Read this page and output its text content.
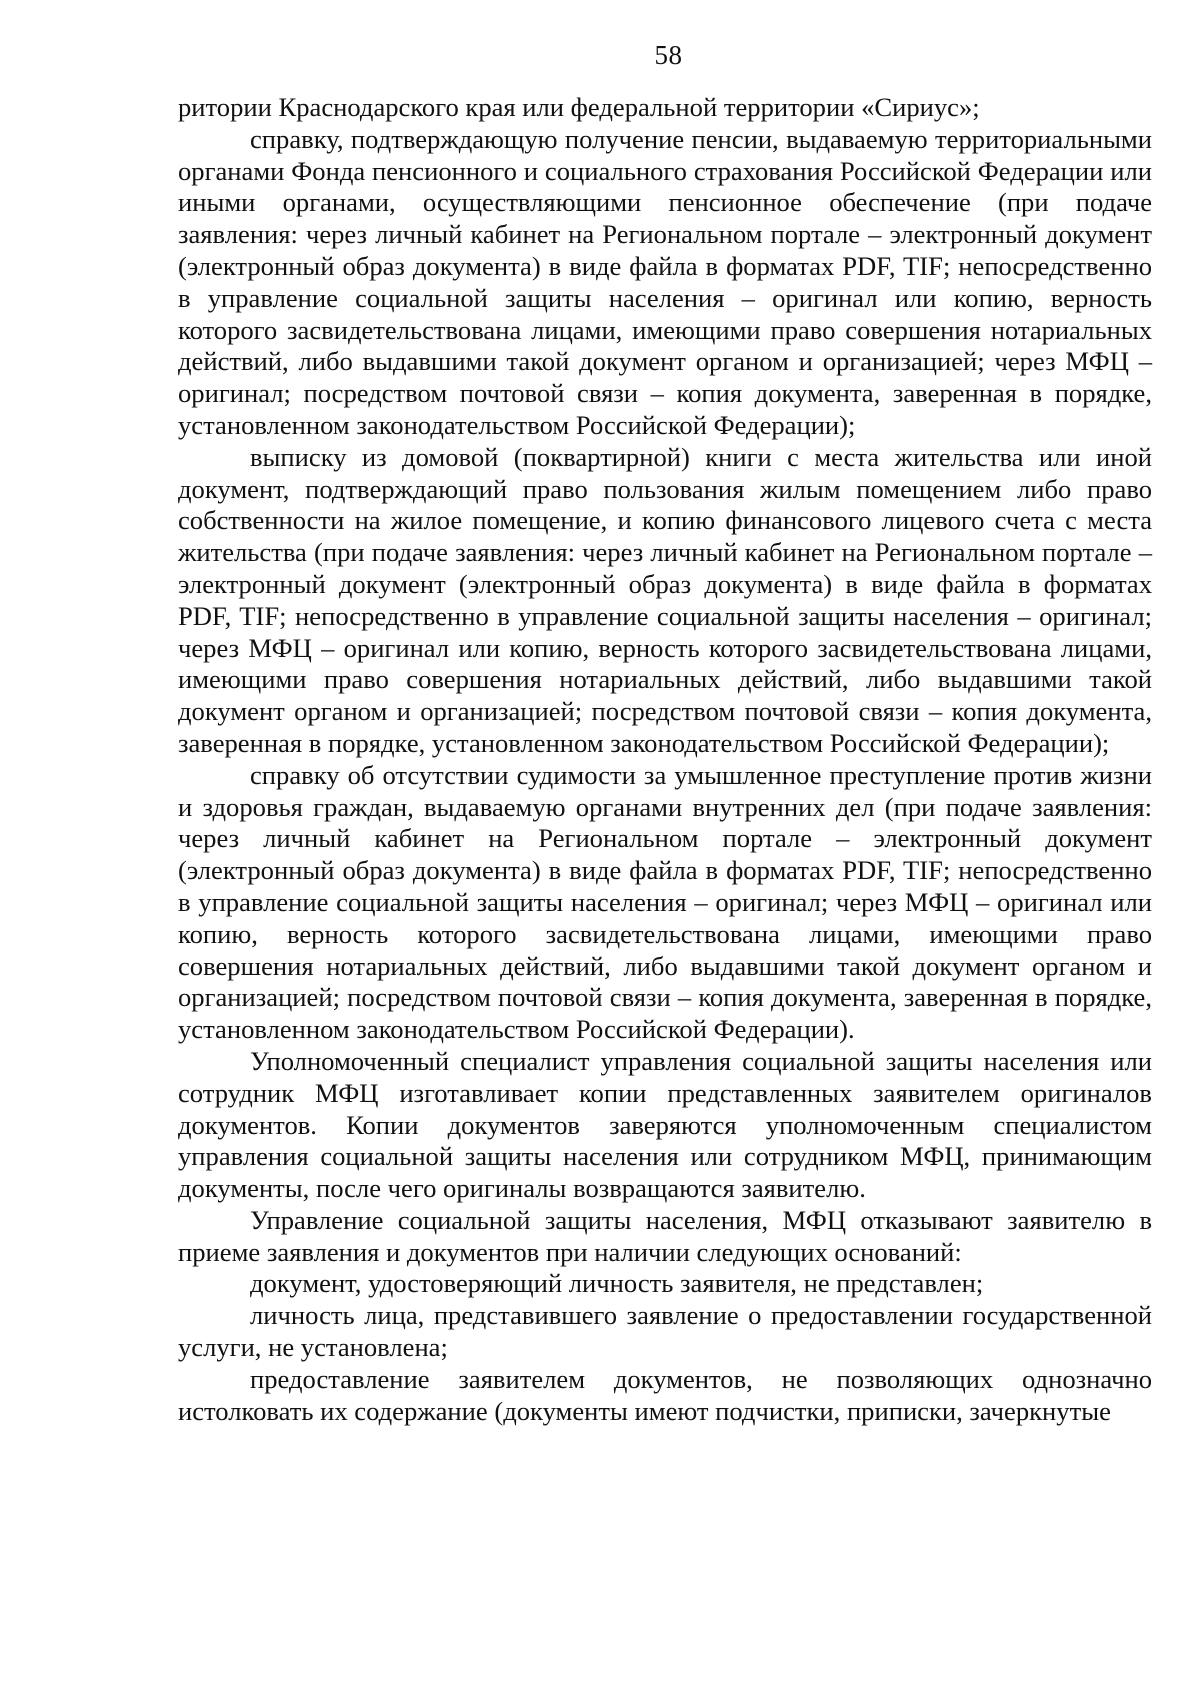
58

ритории Краснодарского края или федеральной территории «Сириус»;

справку, подтверждающую получение пенсии, выдаваемую территориальными органами Фонда пенсионного и социального страхования Российской Федерации или иными органами, осуществляющими пенсионное обеспечение (при подаче заявления: через личный кабинет на Региональном портале – электронный документ (электронный образ документа) в виде файла в форматах PDF, TIF; непосредственно в управление социальной защиты населения – оригинал или копию, верность которого засвидетельствована лицами, имеющими право совершения нотариальных действий, либо выдавшими такой документ органом и организацией; через МФЦ – оригинал; посредством почтовой связи – копия документа, заверенная в порядке, установленном законодательством Российской Федерации);

выписку из домовой (поквартирной) книги с места жительства или иной документ, подтверждающий право пользования жилым помещением либо право собственности на жилое помещение, и копию финансового лицевого счета с места жительства (при подаче заявления: через личный кабинет на Региональном портале – электронный документ (электронный образ документа) в виде файла в форматах PDF, TIF; непосредственно в управление социальной защиты населения – оригинал; через МФЦ – оригинал или копию, верность которого засвидетельствована лицами, имеющими право совершения нотариальных действий, либо выдавшими такой документ органом и организацией; посредством почтовой связи – копия документа, заверенная в порядке, установленном законодательством Российской Федерации);

справку об отсутствии судимости за умышленное преступление против жизни и здоровья граждан, выдаваемую органами внутренних дел (при подаче заявления: через личный кабинет на Региональном портале – электронный документ (электронный образ документа) в виде файла в форматах PDF, TIF; непосредственно в управление социальной защиты населения – оригинал; через МФЦ – оригинал или копию, верность которого засвидетельствована лицами, имеющими право совершения нотариальных действий, либо выдавшими такой документ органом и организацией; посредством почтовой связи – копия документа, заверенная в порядке, установленном законодательством Российской Федерации).

Уполномоченный специалист управления социальной защиты населения или сотрудник МФЦ изготавливает копии представленных заявителем оригиналов документов. Копии документов заверяются уполномоченным специалистом управления социальной защиты населения или сотрудником МФЦ, принимающим документы, после чего оригиналы возвращаются заявителю.

Управление социальной защиты населения, МФЦ отказывают заявителю в приеме заявления и документов при наличии следующих оснований:

документ, удостоверяющий личность заявителя, не представлен;

личность лица, представившего заявление о предоставлении государственной услуги, не установлена;

предоставление заявителем документов, не позволяющих однозначно истолковать их содержание (документы имеют подчистки, приписки, зачеркнутые
